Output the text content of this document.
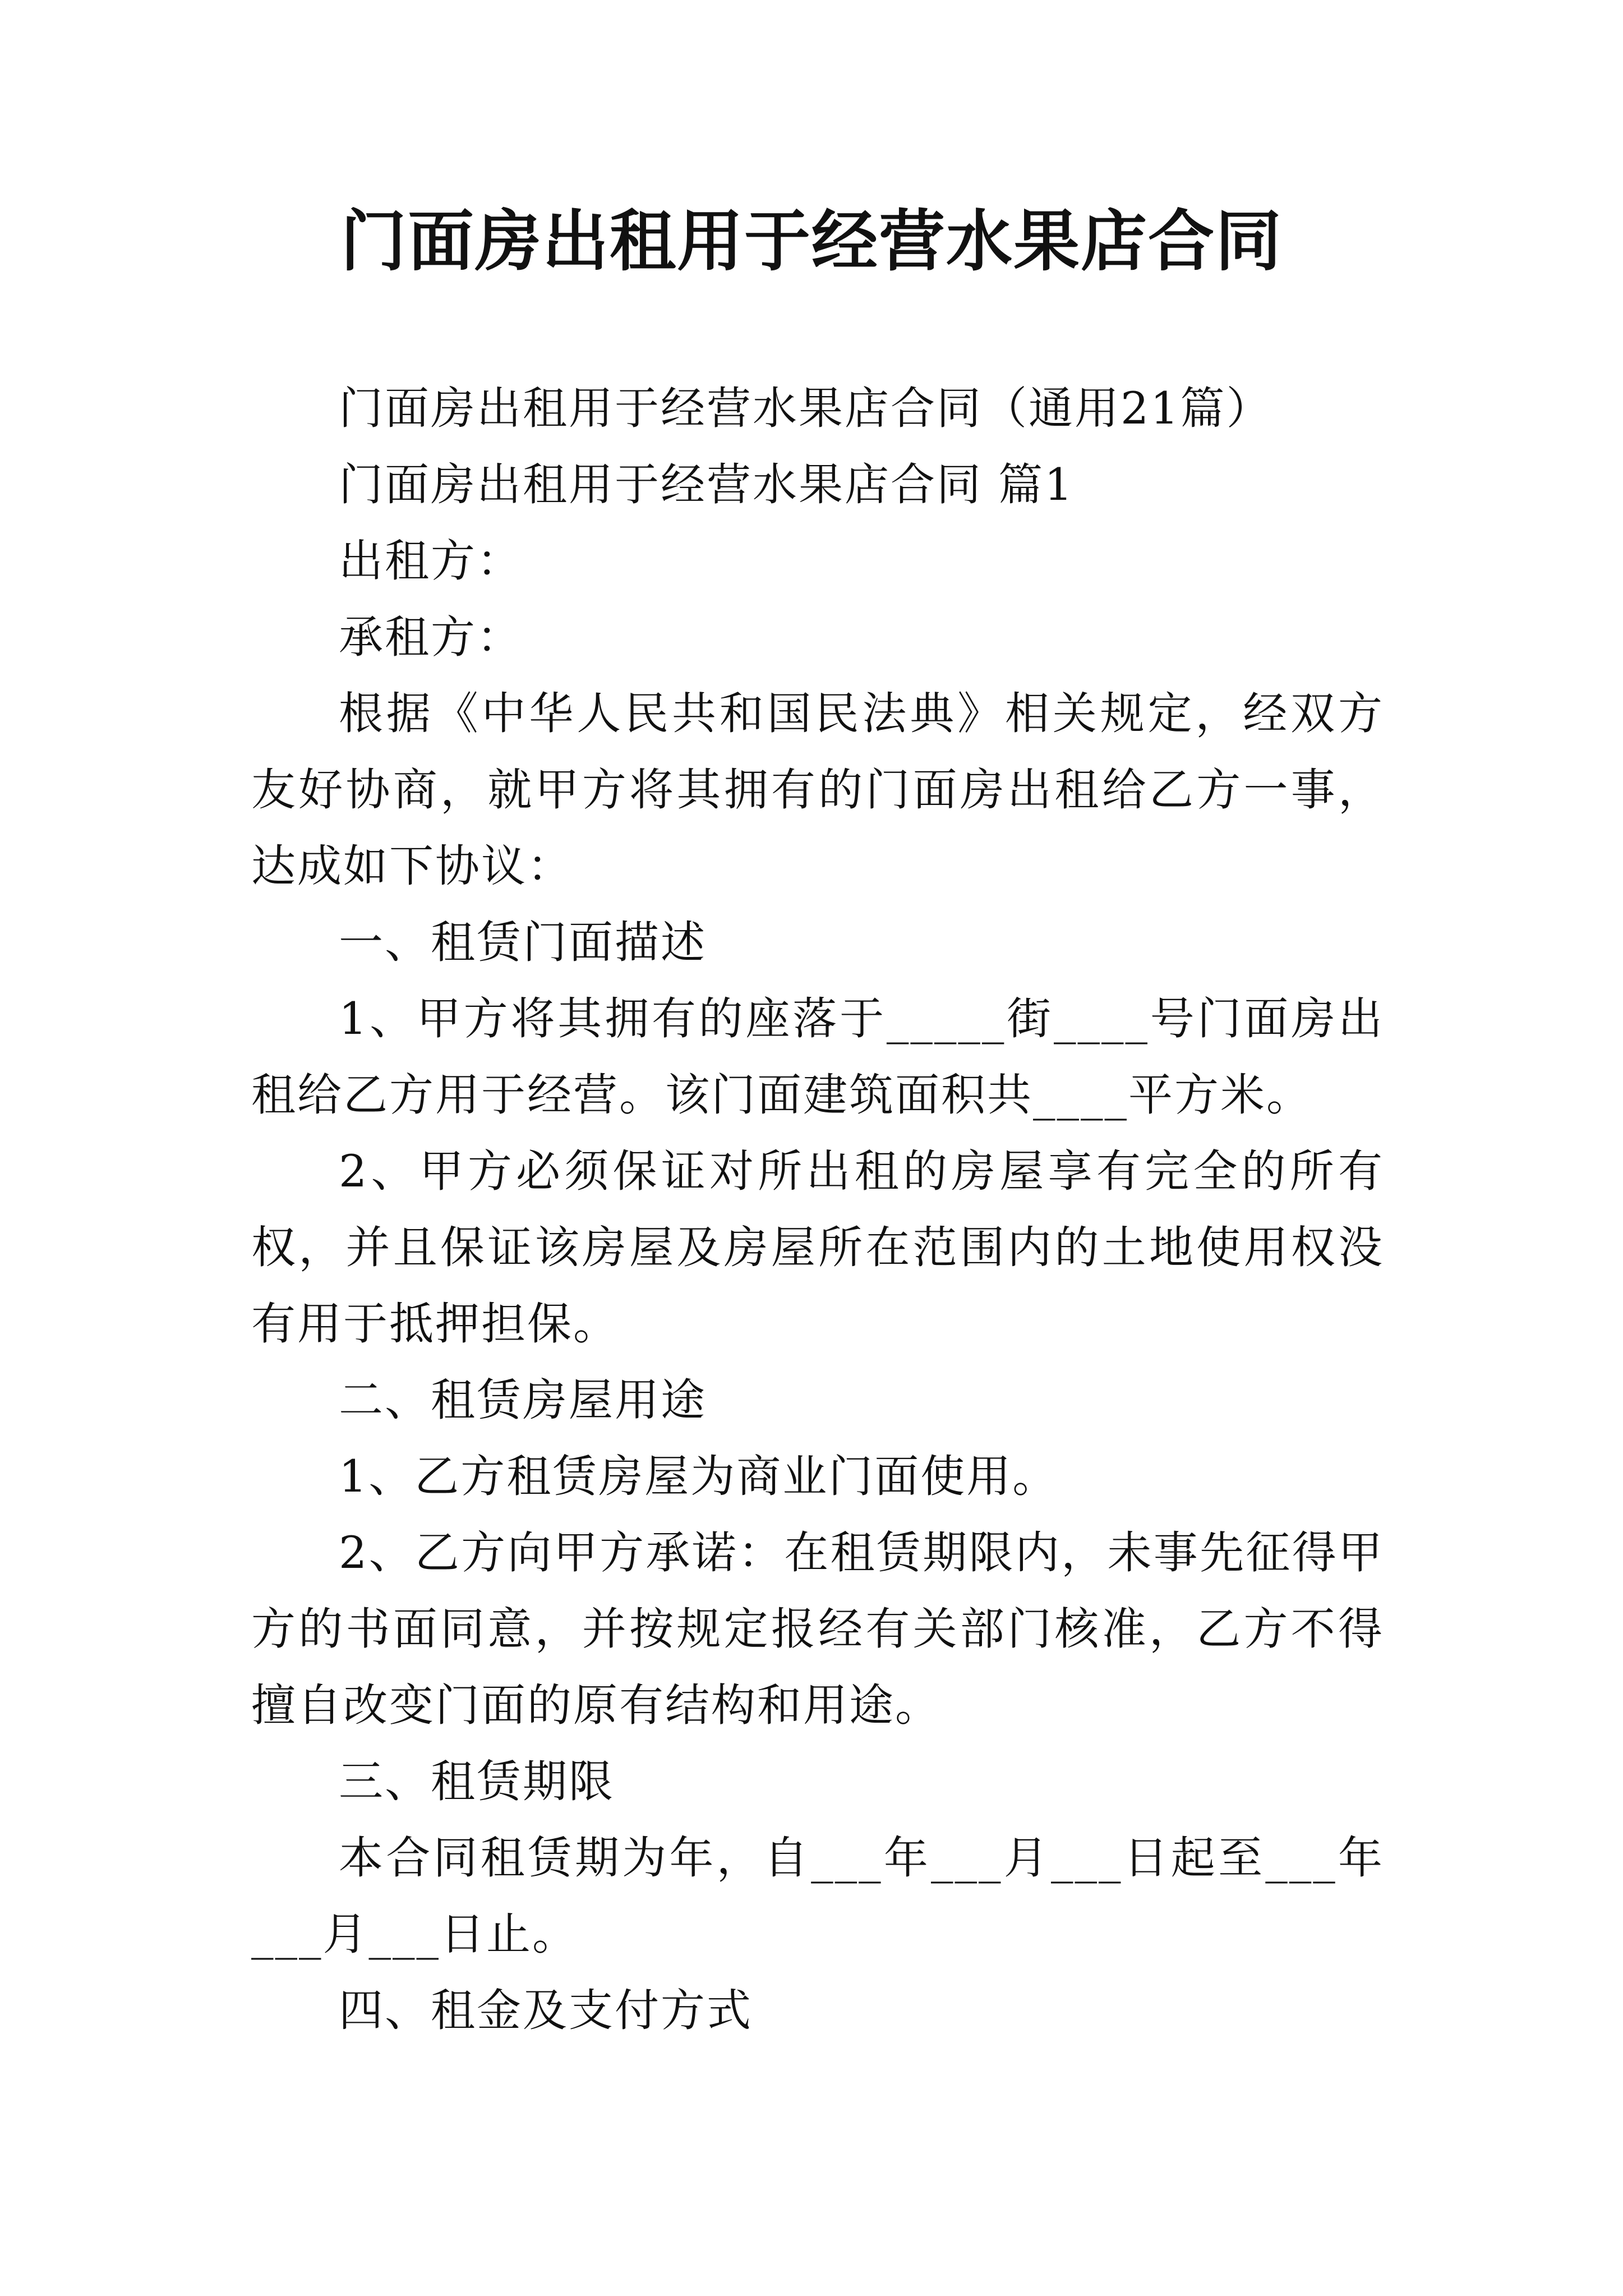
门面房出租用于经营水果店合同

门面房出租用于经营水果店合同（通用21篇）

门面房出租用于经营水果店合同 篇1

出租方：

承租方：

根据《中华人民共和国民法典》相关规定，经双方友好协商，就甲方将其拥有的门面房出租给乙方一事，达成如下协议：

一、租赁门面描述

1、甲方将其拥有的座落于_____街____号门面房出租给乙方用于经营。该门面建筑面积共____平方米。

2、甲方必须保证对所出租的房屋享有完全的所有权，并且保证该房屋及房屋所在范围内的土地使用权没有用于抵押担保。

二、租赁房屋用途

1、乙方租赁房屋为商业门面使用。

2、乙方向甲方承诺：在租赁期限内，未事先征得甲方的书面同意，并按规定报经有关部门核准，乙方不得擅自改变门面的原有结构和用途。

三、租赁期限

本合同租赁期为年，自___年___月___日起至___年___月___日止。

四、租金及支付方式
